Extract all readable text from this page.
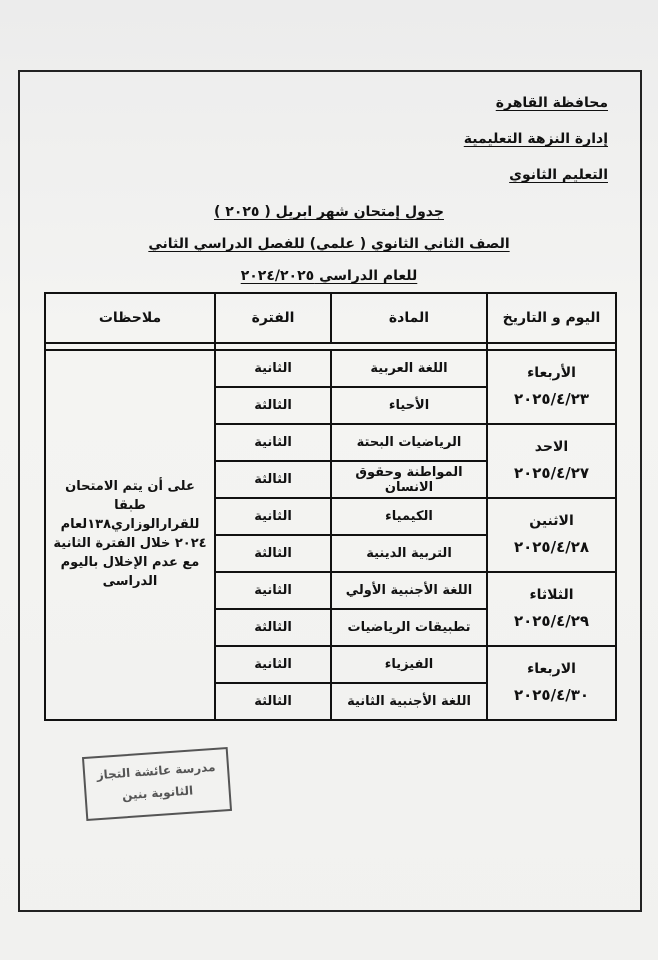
محافظة القاهرة
إدارة النزهة التعليمية
التعليم الثانوي
جدول إمتحان شهر ابريل ( ٢٠٢٥ )
الصف الثاني الثانوي ( علمي) للفصل الدراسي الثاني
للعام الدراسي ٢٠٢٤/٢٠٢٥
اليوم و التاريخ	المادة	الفترة	ملاحظات

الأربعاء
٢٠٢٥/٤/٢٣	اللغة العربية	الثانية	على أن يتم الامتحان طبقا للقرارالوزاري١٣٨لعام ٢٠٢٤ خلال الفترة الثانية مع عدم الإخلال باليوم الدراسى
	الأحياء	الثالثة	

الاحد
٢٠٢٥/٤/٢٧	الرياضيات البحتة	الثانية	
	المواطنة وحقوق الانسان	الثالثة	

الاثنين
٢٠٢٥/٤/٢٨	الكيمياء	الثانية	
	التربية الدينية	الثالثة	

الثلاثاء
٢٠٢٥/٤/٢٩	اللغة الأجنبية الأولي	الثانية	
	تطبيقات الرياضيات	الثالثة	

الاربعاء
٢٠٢٥/٤/٣٠	الفيزياء	الثانية	
	اللغة الأجنبية الثانية	الثالثة	
مدرسة عائشة التجاز
الثانوية بنين
